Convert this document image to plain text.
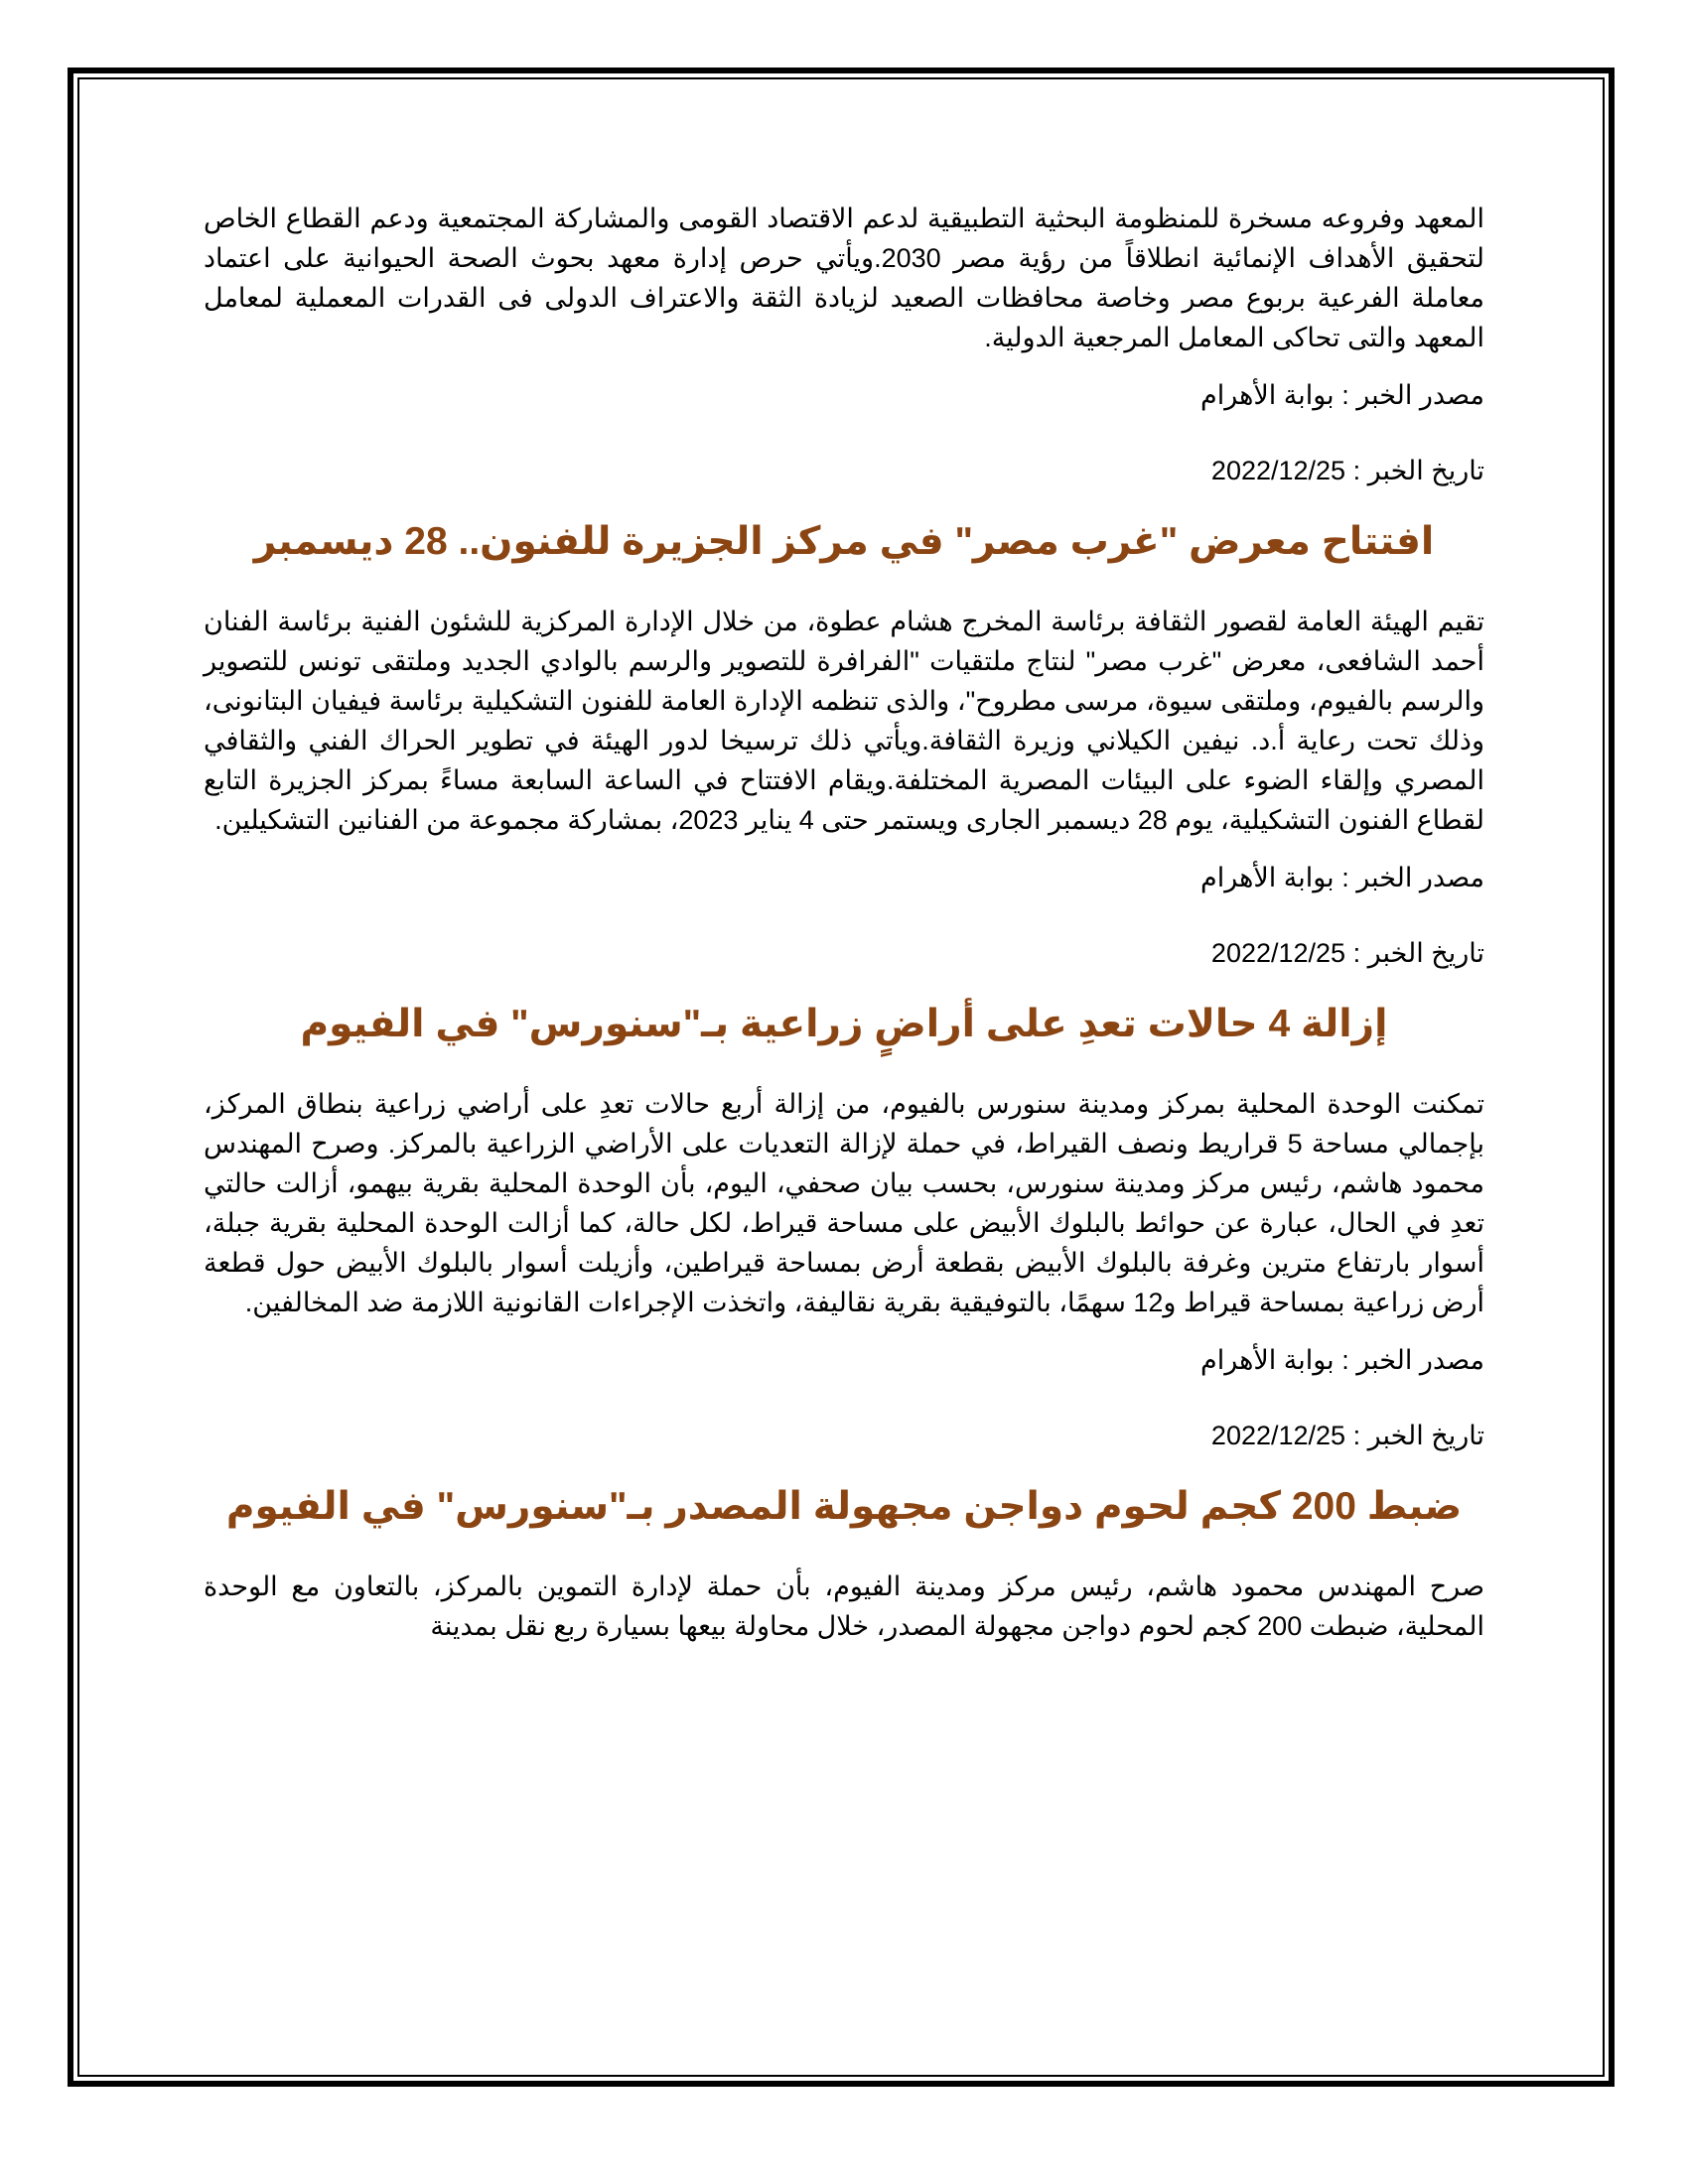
المعهد وفروعه مسخرة للمنظومة البحثية التطبيقية لدعم الاقتصاد القومى والمشاركة المجتمعية ودعم القطاع الخاص لتحقيق الأهداف الإنمائية انطلاقاً من رؤية مصر 2030.ويأتي حرص إدارة معهد بحوث الصحة الحيوانية على اعتماد معاملة الفرعية بربوع مصر وخاصة محافظات الصعيد لزيادة الثقة والاعتراف الدولى فى القدرات المعملية لمعامل المعهد والتى تحاكى المعامل المرجعية الدولية.

مصدر الخبر : بوابة الأهرام

تاريخ الخبر : 2022/12/25

افتتاح معرض "غرب مصر" في مركز الجزيرة للفنون.. 28 ديسمبر

تقيم الهيئة العامة لقصور الثقافة برئاسة المخرج هشام عطوة، من خلال الإدارة المركزية للشئون الفنية برئاسة الفنان أحمد الشافعى، معرض "غرب مصر" لنتاج ملتقيات "الفرافرة للتصوير والرسم بالوادي الجديد وملتقى تونس للتصوير والرسم بالفيوم، وملتقى سيوة، مرسى مطروح"، والذى تنظمه الإدارة العامة للفنون التشكيلية برئاسة فيفيان البتانونى، وذلك تحت رعاية أ.د. نيفين الكيلاني وزيرة الثقافة.ويأتي ذلك ترسيخا لدور الهيئة في تطوير الحراك الفني والثقافي المصري وإلقاء الضوء على البيئات المصرية المختلفة.ويقام الافتتاح في الساعة السابعة مساءً بمركز الجزيرة التابع لقطاع الفنون التشكيلية، يوم 28 ديسمبر الجارى ويستمر حتى 4 يناير 2023، بمشاركة مجموعة من الفنانين التشكيلين.

مصدر الخبر : بوابة الأهرام

تاريخ الخبر : 2022/12/25

إزالة 4 حالات تعدِ على أراضٍ زراعية بـ"سنورس" في الفيوم

تمكنت الوحدة المحلية بمركز ومدينة سنورس بالفيوم، من إزالة أربع حالات تعدِ على أراضي زراعية بنطاق المركز، بإجمالي مساحة 5 قراريط ونصف القيراط، في حملة لإزالة التعديات على الأراضي الزراعية بالمركز. وصرح المهندس محمود هاشم، رئيس مركز ومدينة سنورس، بحسب بيان صحفي، اليوم، بأن الوحدة المحلية بقرية بيهمو، أزالت حالتي تعدِ في الحال، عبارة عن حوائط بالبلوك الأبيض على مساحة قيراط، لكل حالة، كما أزالت الوحدة المحلية بقرية جبلة، أسوار بارتفاع مترين وغرفة بالبلوك الأبيض بقطعة أرض بمساحة قيراطين، وأزيلت أسوار بالبلوك الأبيض حول قطعة أرض زراعية بمساحة قيراط و12 سهمًا، بالتوفيقية بقرية نقاليفة، واتخذت الإجراءات القانونية اللازمة ضد المخالفين.

مصدر الخبر : بوابة الأهرام

تاريخ الخبر : 2022/12/25

ضبط 200 كجم لحوم دواجن مجهولة المصدر بـ"سنورس" في الفيوم

صرح المهندس محمود هاشم، رئيس مركز ومدينة الفيوم، بأن حملة لإدارة التموين بالمركز، بالتعاون مع الوحدة المحلية، ضبطت 200 كجم لحوم دواجن مجهولة المصدر، خلال محاولة بيعها بسيارة ربع نقل بمدينة
